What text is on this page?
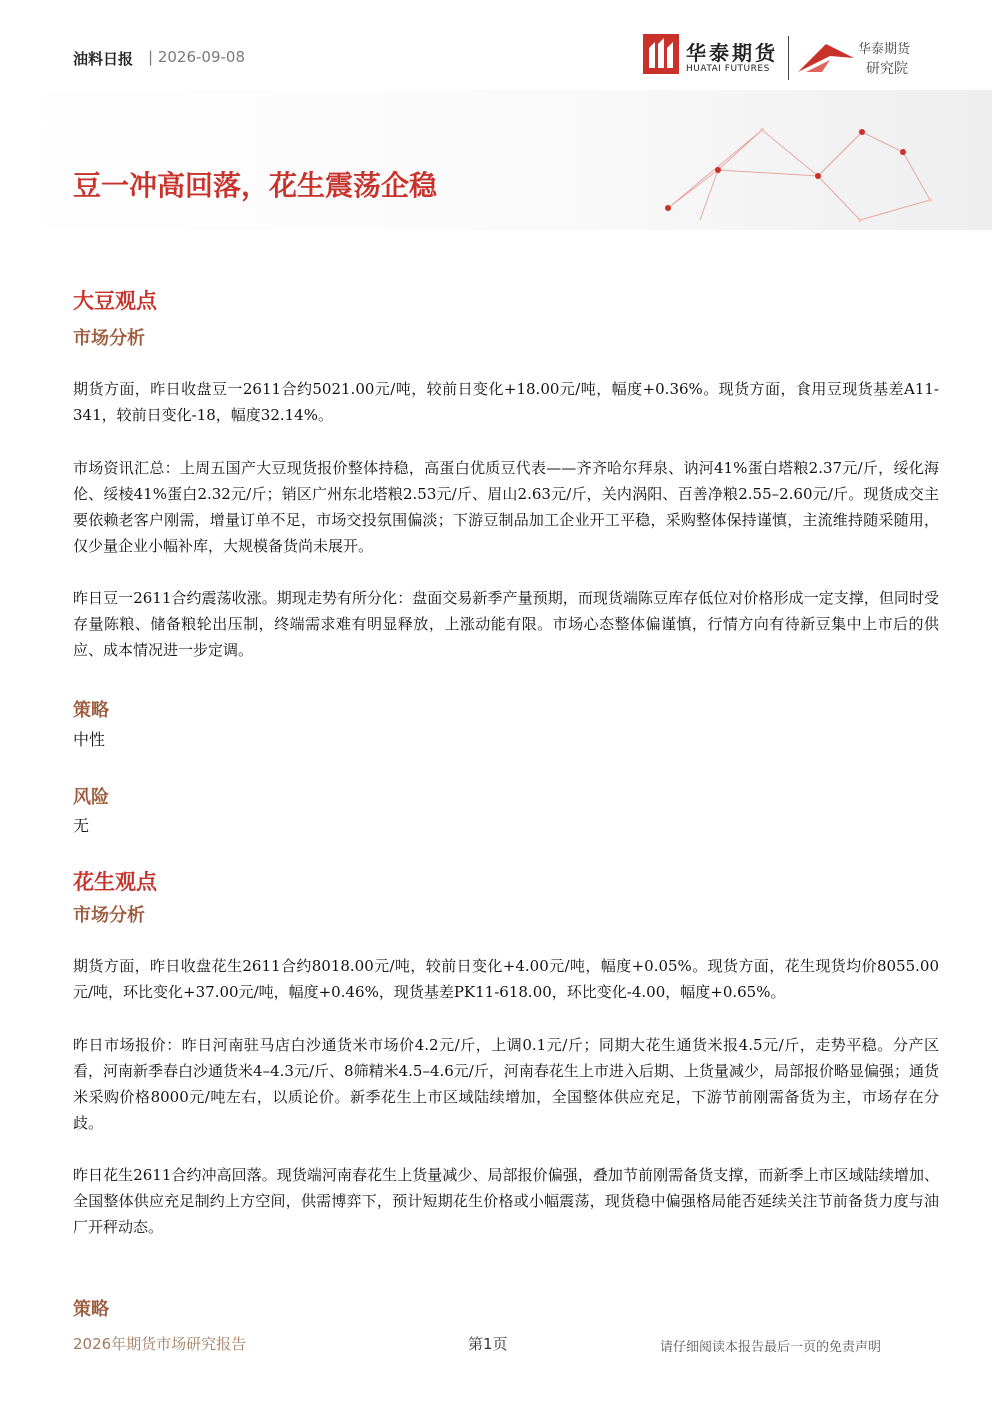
油料日报 | 2026-09-08	华泰期货
HUATAI FUTURES
华泰期货
研究院
豆一冲高回落，花生震荡企稳
大豆观点
市场分析
期货方面，昨日收盘豆一2611合约5021.00元/吨，较前日变化+18.00元/吨，幅度+0.36%。现货方面，食用豆现货基差A11-341，较前日变化-18，幅度32.14%。
市场资讯汇总：上周五国产大豆现货报价整体持稳，高蛋白优质豆代表——齐齐哈尔拜泉、讷河41%蛋白塔粮2.37元/斤，绥化海伦、绥棱41%蛋白2.32元/斤；销区广州东北塔粮2.53元/斤、眉山2.63元/斤，关内涡阳、百善净粮2.55–2.60元/斤。现货成交主要依赖老客户刚需，增量订单不足，市场交投氛围偏淡；下游豆制品加工企业开工平稳，采购整体保持谨慎，主流维持随采随用，仅少量企业小幅补库，大规模备货尚未展开。
昨日豆一2611合约震荡收涨。期现走势有所分化：盘面交易新季产量预期，而现货端陈豆库存低位对价格形成一定支撑，但同时受存量陈粮、储备粮轮出压制，终端需求难有明显释放，上涨动能有限。市场心态整体偏谨慎，行情方向有待新豆集中上市后的供应、成本情况进一步定调。
策略
中性
风险
无
花生观点
市场分析
期货方面，昨日收盘花生2611合约8018.00元/吨，较前日变化+4.00元/吨，幅度+0.05%。现货方面，花生现货均价8055.00元/吨，环比变化+37.00元/吨，幅度+0.46%，现货基差PK11-618.00，环比变化-4.00，幅度+0.65%。
昨日市场报价：昨日河南驻马店白沙通货米市场价4.2元/斤，上调0.1元/斤；同期大花生通货米报4.5元/斤，走势平稳。分产区看，河南新季春白沙通货米4–4.3元/斤、8筛精米4.5–4.6元/斤，河南春花生上市进入后期、上货量减少，局部报价略显偏强；通货米采购价格8000元/吨左右，以质论价。新季花生上市区域陆续增加，全国整体供应充足，下游节前刚需备货为主，市场存在分歧。
昨日花生2611合约冲高回落。现货端河南春花生上货量减少、局部报价偏强，叠加节前刚需备货支撑，而新季上市区域陆续增加、全国整体供应充足制约上方空间，供需博弈下，预计短期花生价格或小幅震荡，现货稳中偏强格局能否延续关注节前备货力度与油厂开秤动态。
策略
2026年期货市场研究报告	第1页	请仔细阅读本报告最后一页的免责声明
